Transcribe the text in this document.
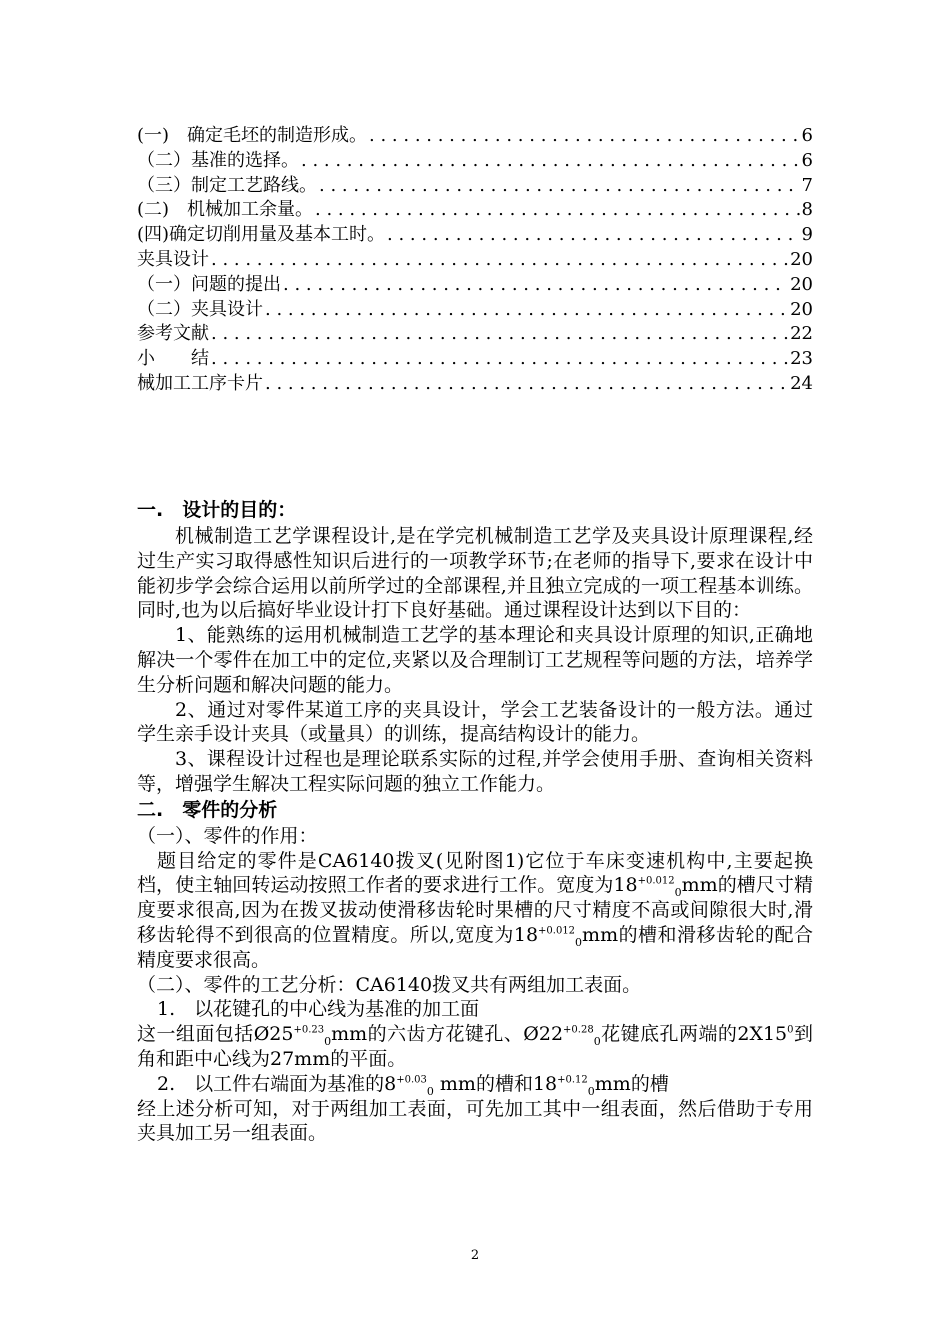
(一)　确定毛坯的制造形成。 . . .	6
（二）基准的选择。 . . .	6
（三）制定工艺路线。 . . .	7
(二)　机械加工余量。 . . .	8
(四)确定切削用量及基本工时。 . . .	9
夹具设计 . . .	20
（一）问题的提出 . . .	20
（二）夹具设计 . . .	20
参考文献 . . .	22
小　　结 . . .	23
械加工工序卡片 . . .	24
一.　设计的目的：

机械制造工艺学课程设计,是在学完机械制造工艺学及夹具设计原理课程,经过生产实习取得感性知识后进行的一项教学环节;在老师的指导下,要求在设计中能初步学会综合运用以前所学过的全部课程,并且独立完成的一项工程基本训练。同时,也为以后搞好毕业设计打下良好基础。通过课程设计达到以下目的：

1、能熟练的运用机械制造工艺学的基本理论和夹具设计原理的知识,正确地解决一个零件在加工中的定位,夹紧以及合理制订工艺规程等问题的方法，培养学生分析问题和解决问题的能力。

2、通过对零件某道工序的夹具设计，学会工艺装备设计的一般方法。通过学生亲手设计夹具（或量具）的训练，提高结构设计的能力。

3、课程设计过程也是理论联系实际的过程,并学会使用手册、查询相关资料等，增强学生解决工程实际问题的独立工作能力。

二.　零件的分析

（一）、零件的作用：

题目给定的零件是CA6140拨叉(见附图1)它位于车床变速机构中,主要起换档，使主轴回转运动按照工作者的要求进行工作。宽度为$18^{+0.012}_0mm$的槽尺寸精度要求很高,因为在拨叉拔动使滑移齿轮时果槽的尺寸精度不高或间隙很大时,滑移齿轮得不到很高的位置精度。所以,宽度为$18^{+0.012}_0mm$的槽和滑移齿轮的配合精度要求很高。

（二）、零件的工艺分析：CA6140拨叉共有两组加工表面。

1.　以花键孔的中心线为基准的加工面

这一组面包括$Ø25^{+0.23}_0mm$的六齿方花键孔、$Ø22^{+0.28}_0$花键底孔两端的$2X15^0$到角和距中心线为27mm的平面。

2.　以工件右端面为基准的$8^{+0.03}_0$ mm的槽和$18^{+0.12}_0mm$的槽

经上述分析可知，对于两组加工表面，可先加工其中一组表面，然后借助于专用夹具加工另一组表面。

2
